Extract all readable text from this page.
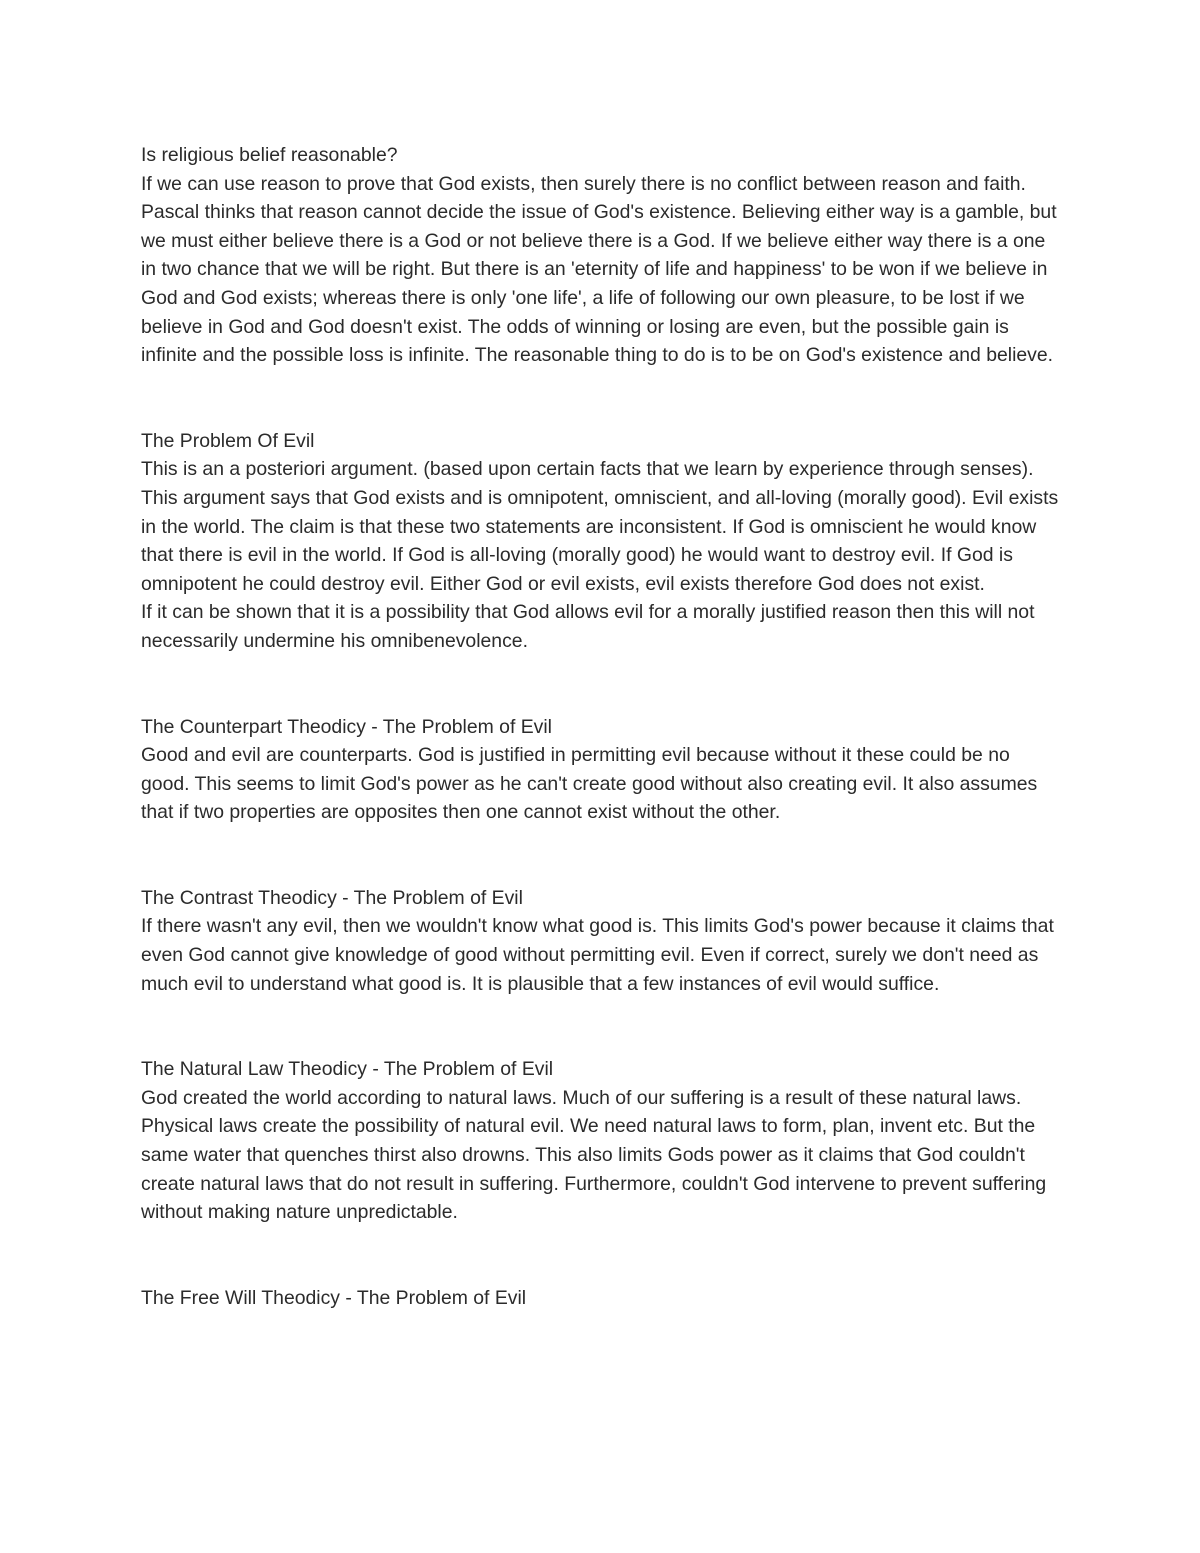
Is religious belief reasonable?

If we can use reason to prove that God exists, then surely there is no conflict between reason and faith. Pascal thinks that reason cannot decide the issue of God's existence. Believing either way is a gamble, but we must either believe there is a God or not believe there is a God. If we believe either way there is a one in two chance that we will be right. But there is an 'eternity of life and happiness' to be won if we believe in God and God exists; whereas there is only 'one life', a life of following our own pleasure, to be lost if we believe in God and God doesn't exist. The odds of winning or losing are even, but the possible gain is infinite and the possible loss is infinite. The reasonable thing to do is to be on God's existence and believe.

The Problem Of Evil

This is an a posteriori argument. (based upon certain facts that we learn by experience through senses). This argument says that God exists and is omnipotent, omniscient, and all-loving (morally good). Evil exists in the world. The claim is that these two statements are inconsistent. If God is omniscient he would know that there is evil in the world. If God is all-loving (morally good) he would want to destroy evil. If God is omnipotent he could destroy evil. Either God or evil exists, evil exists therefore God does not exist.

If it can be shown that it is a possibility that God allows evil for a morally justified reason then this will not necessarily undermine his omnibenevolence.

The Counterpart Theodicy - The Problem of Evil

Good and evil are counterparts. God is justified in permitting evil because without it these could be no good. This seems to limit God's power as he can't create good without also creating evil. It also assumes that if two properties are opposites then one cannot exist without the other.

The Contrast Theodicy - The Problem of Evil

If there wasn't any evil, then we wouldn't know what good is. This limits God's power because it claims that even God cannot give knowledge of good without permitting evil. Even if correct, surely we don't need as much evil to understand what good is. It is plausible that a few instances of evil would suffice.

The Natural Law Theodicy - The Problem of Evil

God created the world according to natural laws. Much of our suffering is a result of these natural laws. Physical laws create the possibility of natural evil. We need natural laws to form, plan, invent etc. But the same water that quenches thirst also drowns. This also limits Gods power as it claims that God couldn't create natural laws that do not result in suffering. Furthermore, couldn't God intervene to prevent suffering without making nature unpredictable.

The Free Will Theodicy - The Problem of Evil
